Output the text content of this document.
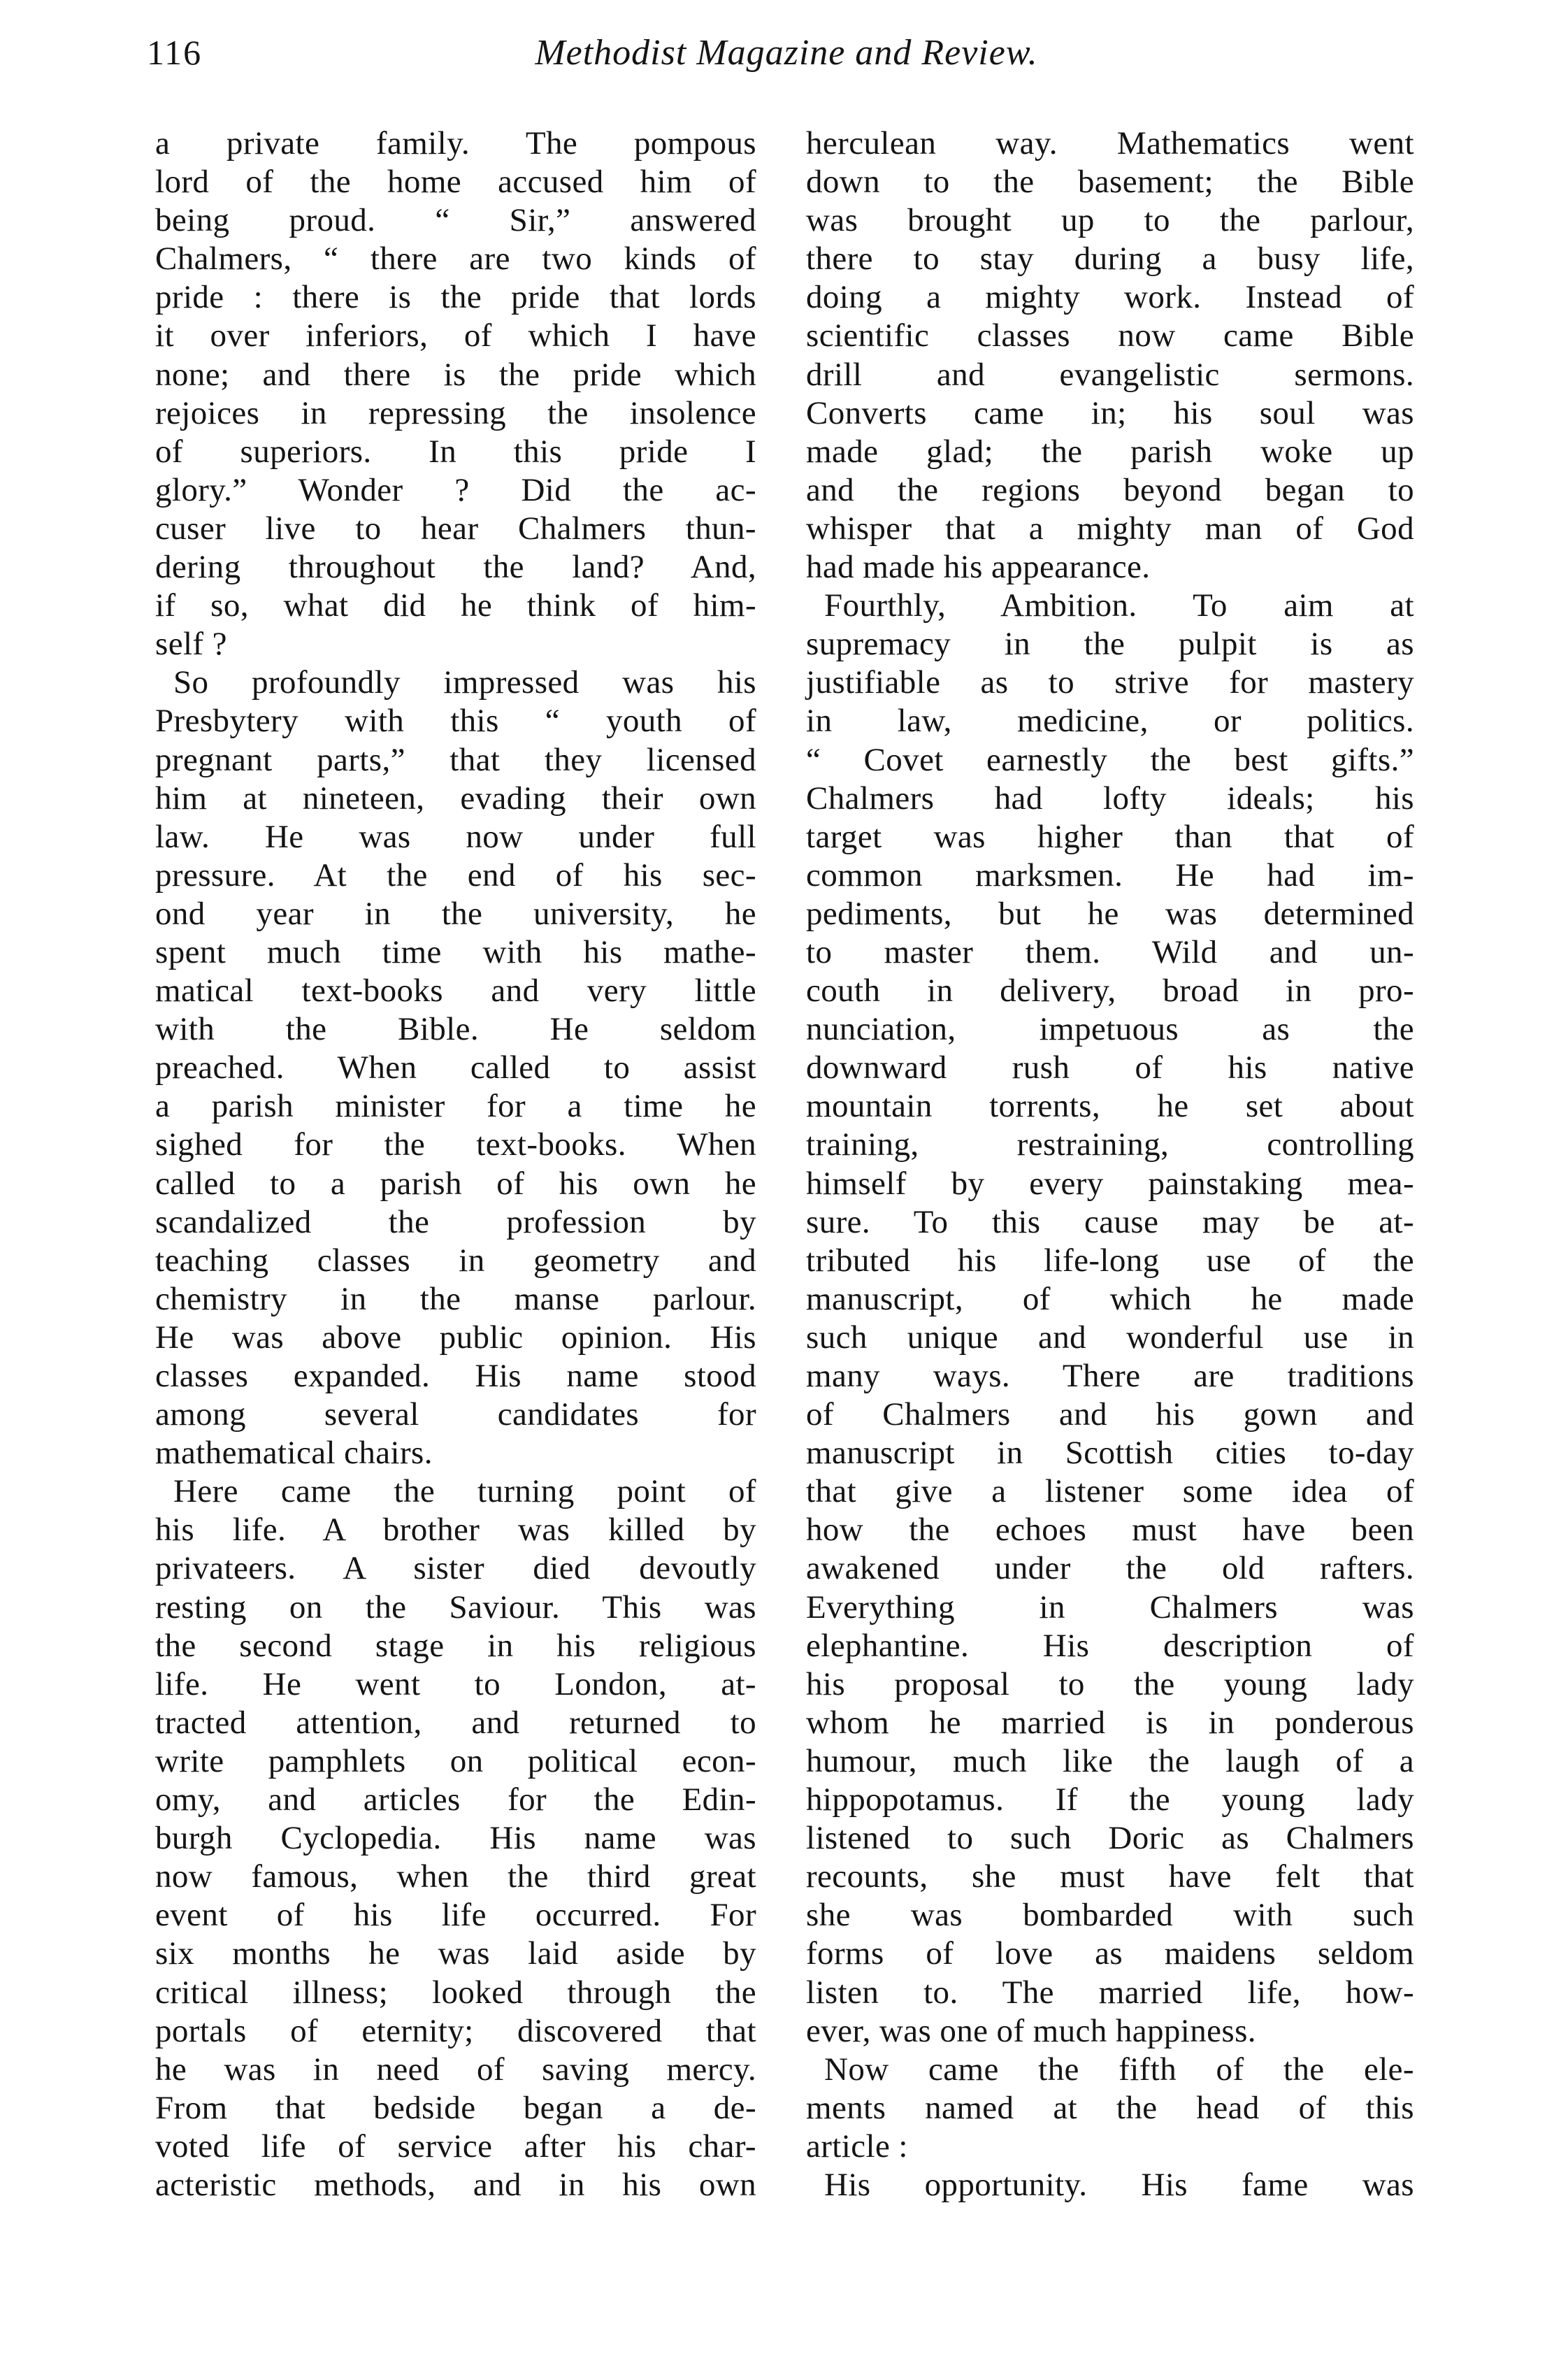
116	Methodist Magazine and Review.
a private family. The pompous
lord of the home accused him of
being proud. “ Sir,” answered
Chalmers, “ there are two kinds of
pride : there is the pride that lords
it over inferiors, of which I have
none; and there is the pride which
rejoices in repressing the insolence
of superiors. In this pride I
glory.” Wonder ? Did the ac-
cuser live to hear Chalmers thun-
dering throughout the land? And,
if so, what did he think of him-
self ?
So profoundly impressed was his
Presbytery with this “ youth of
pregnant parts,” that they licensed
him at nineteen, evading their own
law. He was now under full
pressure. At the end of his sec-
ond year in the university, he
spent much time with his mathe-
matical text-books and very little
with the Bible. He seldom
preached. When called to assist
a parish minister for a time he
sighed for the text-books. When
called to a parish of his own he
scandalized the profession by
teaching classes in geometry and
chemistry in the manse parlour.
He was above public opinion. His
classes expanded. His name stood
among several candidates for
mathematical chairs.
Here came the turning point of
his life. A brother was killed by
privateers. A sister died devoutly
resting on the Saviour. This was
the second stage in his religious
life. He went to London, at-
tracted attention, and returned to
write pamphlets on political econ-
omy, and articles for the Edin-
burgh Cyclopedia. His name was
now famous, when the third great
event of his life occurred. For
six months he was laid aside by
critical illness; looked through the
portals of eternity; discovered that
he was in need of saving mercy.
From that bedside began a de-
voted life of service after his char-
acteristic methods, and in his own
herculean way. Mathematics went
down to the basement; the Bible
was brought up to the parlour,
there to stay during a busy life,
doing a mighty work. Instead of
scientific classes now came Bible
drill and evangelistic sermons.
Converts came in; his soul was
made glad; the parish woke up
and the regions beyond began to
whisper that a mighty man of God
had made his appearance.
Fourthly, Ambition. To aim at
supremacy in the pulpit is as
justifiable as to strive for mastery
in law, medicine, or politics.
“ Covet earnestly the best gifts.”
Chalmers had lofty ideals; his
target was higher than that of
common marksmen. He had im-
pediments, but he was determined
to master them. Wild and un-
couth in delivery, broad in pro-
nunciation, impetuous as the
downward rush of his native
mountain torrents, he set about
training, restraining, controlling
himself by every painstaking mea-
sure. To this cause may be at-
tributed his life-long use of the
manuscript, of which he made
such unique and wonderful use in
many ways. There are traditions
of Chalmers and his gown and
manuscript in Scottish cities to-day
that give a listener some idea of
how the echoes must have been
awakened under the old rafters.
Everything in Chalmers was
elephantine. His description of
his proposal to the young lady
whom he married is in ponderous
humour, much like the laugh of a
hippopotamus. If the young lady
listened to such Doric as Chalmers
recounts, she must have felt that
she was bombarded with such
forms of love as maidens seldom
listen to. The married life, how-
ever, was one of much happiness.
Now came the fifth of the ele-
ments named at the head of this
article :
His opportunity. His fame was
